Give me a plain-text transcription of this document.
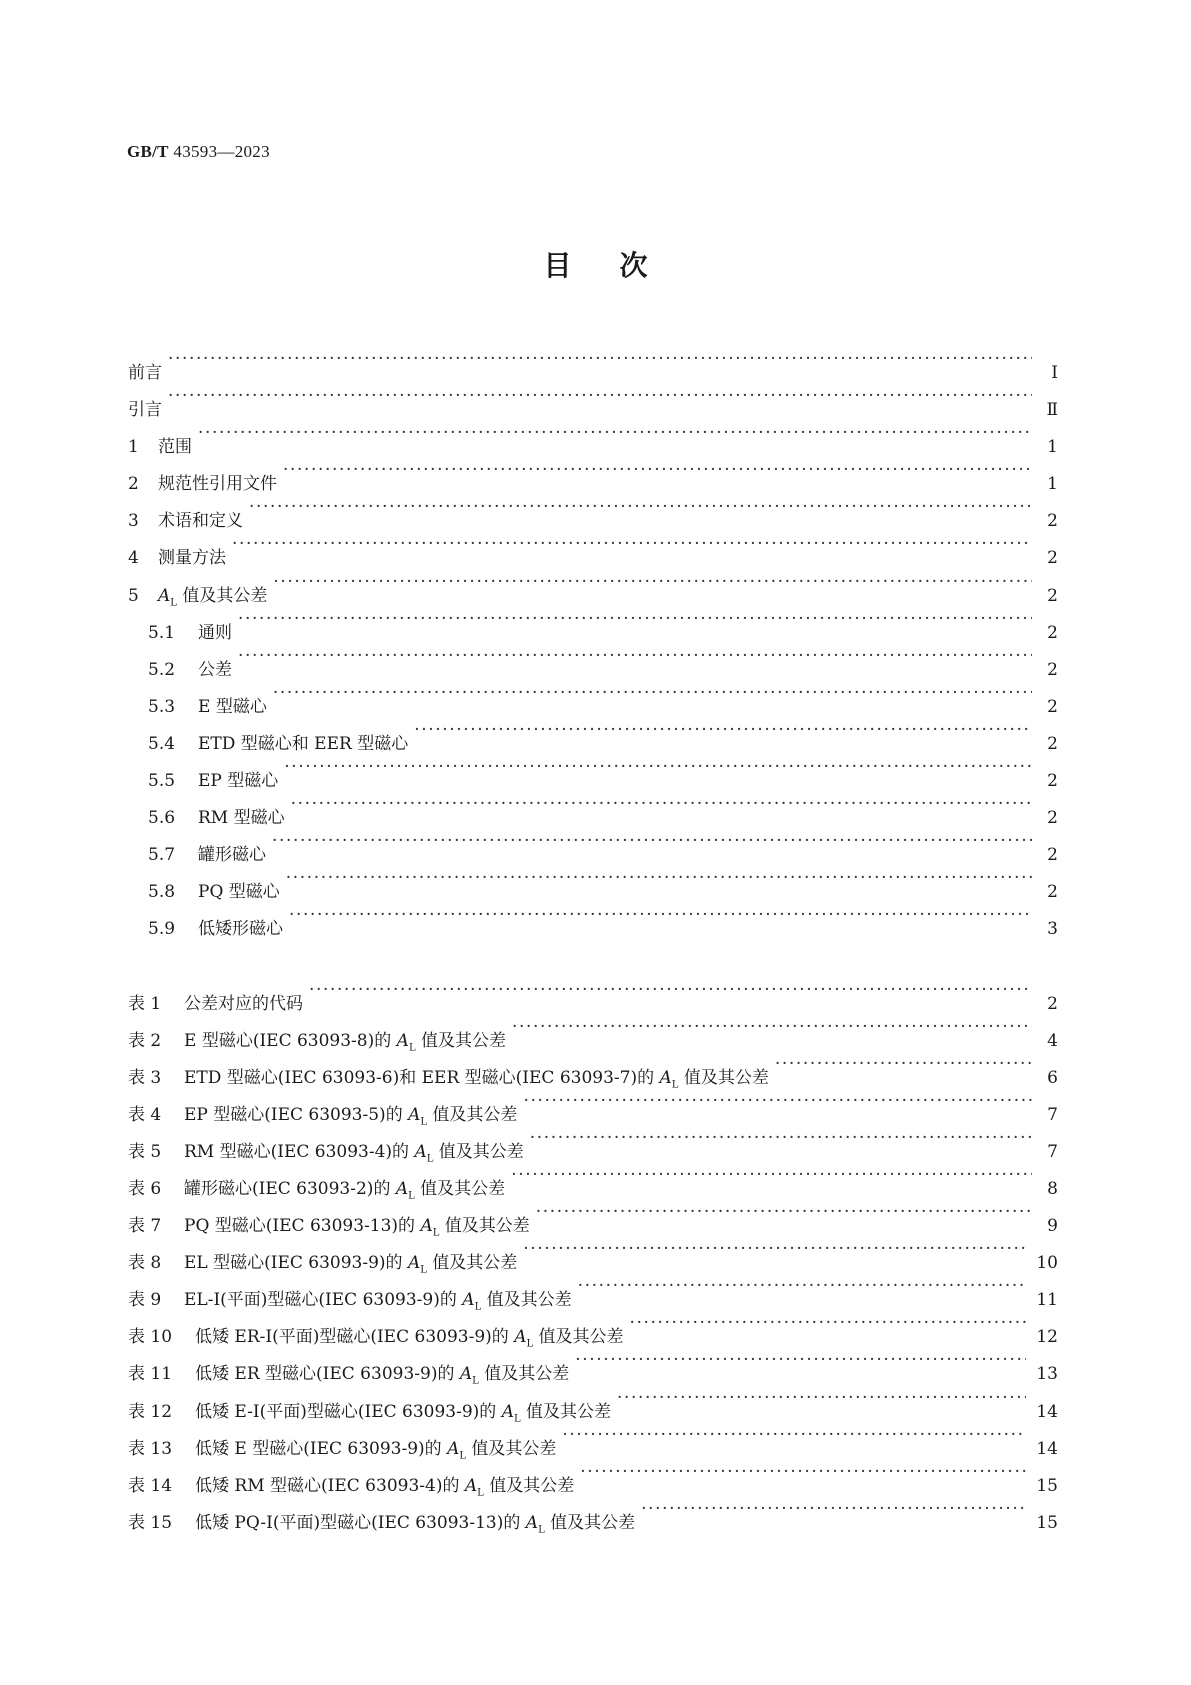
GB/T 43593—2023
目次
前言 ·····	Ⅰ
引言 ·····	Ⅱ
1	范围 ·····	1
2	规范性引用文件 ·····	1
3	术语和定义 ·····	2
4	测量方法 ·····	2
5	$A_L$ 值及其公差 ·····	2
5.1	通则 ·····	2
5.2	公差 ·····	2
5.3	E 型磁心 ·····	2
5.4	ETD 型磁心和 EER 型磁心 ·····	2
5.5	EP 型磁心 ·····	2
5.6	RM 型磁心 ·····	2
5.7	罐形磁心 ·····	2
5.8	PQ 型磁心 ·····	2
5.9	低矮形磁心 ·····	3
表 1	公差对应的代码 ·····	2
表 2	E 型磁心(IEC 63093-8)的 $A_L$ 值及其公差 ·····	4
表 3	ETD 型磁心(IEC 63093-6)和 EER 型磁心(IEC 63093-7)的 $A_L$ 值及其公差 ·····	6
表 4	EP 型磁心(IEC 63093-5)的 $A_L$ 值及其公差 ·····	7
表 5	RM 型磁心(IEC 63093-4)的 $A_L$ 值及其公差 ·····	7
表 6	罐形磁心(IEC 63093-2)的 $A_L$ 值及其公差 ·····	8
表 7	PQ 型磁心(IEC 63093-13)的 $A_L$ 值及其公差 ·····	9
表 8	EL 型磁心(IEC 63093-9)的 $A_L$ 值及其公差 ·····	10
表 9	EL-I(平面)型磁心(IEC 63093-9)的 $A_L$ 值及其公差 ·····	11
表 10	低矮 ER-I(平面)型磁心(IEC 63093-9)的 $A_L$ 值及其公差 ·····	12
表 11	低矮 ER 型磁心(IEC 63093-9)的 $A_L$ 值及其公差 ·····	13
表 12	低矮 E-I(平面)型磁心(IEC 63093-9)的 $A_L$ 值及其公差 ·····	14
表 13	低矮 E 型磁心(IEC 63093-9)的 $A_L$ 值及其公差 ·····	14
表 14	低矮 RM 型磁心(IEC 63093-4)的 $A_L$ 值及其公差 ·····	15
表 15	低矮 PQ-I(平面)型磁心(IEC 63093-13)的 $A_L$ 值及其公差 ·····	15
